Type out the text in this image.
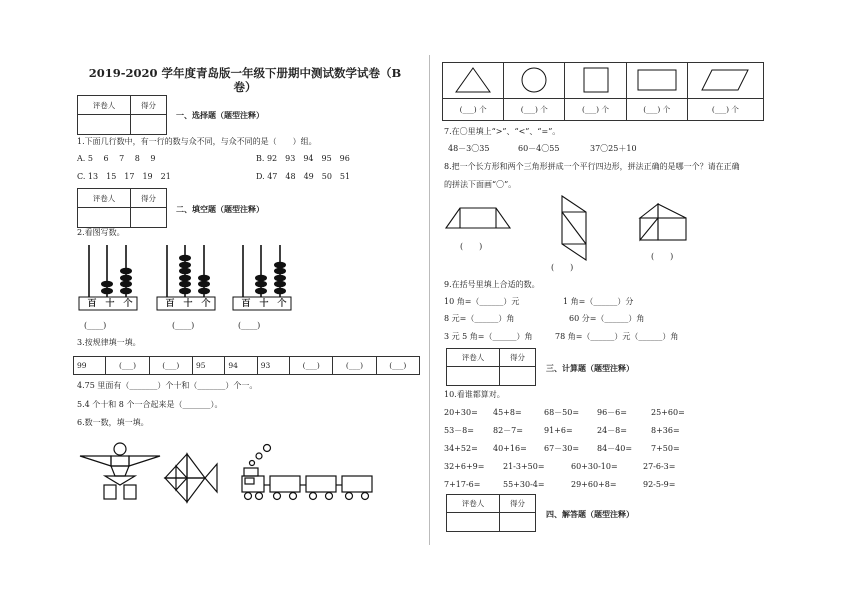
2019-2020 学年度青岛版一年级下册期中测试数学试卷（B
卷）
评卷人	得分

一、选择题（题型注释）
1.下面几行数中，有一行的数与众不同，与众不同的是（　　）组。
A. 5　 6　 7　 8　 9	B. 92　93　94　95　96
C. 13　15　17　19　21	D. 47　48　49　50　51
评卷人	得分

二、填空题（题型注释）
2.看图写数。
百 十 个	百 十 个	百 十 个
(____)	(____)	(____)
3.按规律填一填。
99	(___)	(___)	95	94	93	(___)	(___)	(___)
4.75 里面有（_______）个十和（_______）个一。
5.4 个十和 8 个一合起来是（_______）。
6.数一数，填一填。

(___) 个	(___) 个	(___) 个	(___) 个	(___) 个
7.在〇里填上“>”、“<”、“=”。
48－3〇35	60－4〇55	37〇25＋10
8.把一个长方形和两个三角形拼成一个平行四边形，拼法正确的是哪一个？请在正确
的拼法下面画“〇”。
(　　)
(　　)
(　　)
9.在括号里填上合适的数。
10 角=（______）元	1 角=（______）分
8 元=（______）角	60 分=（______）角
3 元 5 角=（______）角	78 角=（______）元（______）角
评卷人	得分

三、计算题（题型注释）
10.看谁都算对。
20+30= 45+8=	68－50= 96－6=	25+60=
53－8= 82－7=	91+6=	24－8=	8+36=
34+52= 40+16= 67－30= 84－40= 7+50=
32+6+9= 21-3+50=	60+30-10=	27-6-3=
7+17-6=	55+30-4=	29+60+8=	92-5-9=
评卷人	得分

四、解答题（题型注释）
